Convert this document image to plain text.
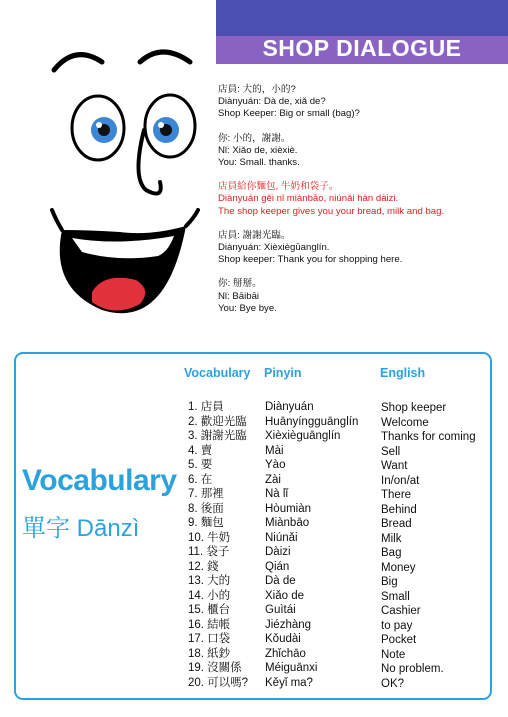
SHOP DIALOGUE
店員: 大的，小的?
Diànyuán: Dà de, xiǎ de?
Shop Keeper: Big or small (bag)?
你: 小的，謝謝。
Nǐ: Xiǎo de, xièxiè.
You: Small. thanks.
店員給你麵包, 牛奶和袋子。
Diànyuán gěi nǐ miànbāo, niúnǎi hàn dàizi.
The shop keeper gives you your bread, milk and bag.
店員: 謝謝光臨。
Diànyuán: Xièxiègūanglín.
Shop keeper: Thank you for shopping here.
你: 掰掰。
Nǐ: Bāibāi
You: Bye bye.
Vocabulary
單字 Dānzì
Vocabulary Pinyin	English
1. 店員
2. 歡迎光臨
3. 謝謝光臨
4. 賣
5. 要
6. 在
7. 那裡
8. 後面
9. 麵包
10. 牛奶
11. 袋子
12. 錢
13. 大的
14. 小的
15. 櫃台
16. 結帳
17. 口袋
18. 紙鈔
19. 沒關係
20. 可以嗎?
Diànyuán
Huānyíngguānglín
Xièxièguānglín
Mài
Yào
Zài
Nà lǐ
Hòumiàn
Miànbāo
Niúnǎi
Dàizi
Qián
Dà de
Xiǎo de
Guìtái
Jiézhàng
Kǒudài
Zhǐchāo
Méiguānxi
Kěyǐ ma?
Shop keeper
Welcome
Thanks for coming
Sell
Want
In/on/at
There
Behind
Bread
Milk
Bag
Money
Big
Small
Cashier
to pay
Pocket
Note
No problem.
OK?
